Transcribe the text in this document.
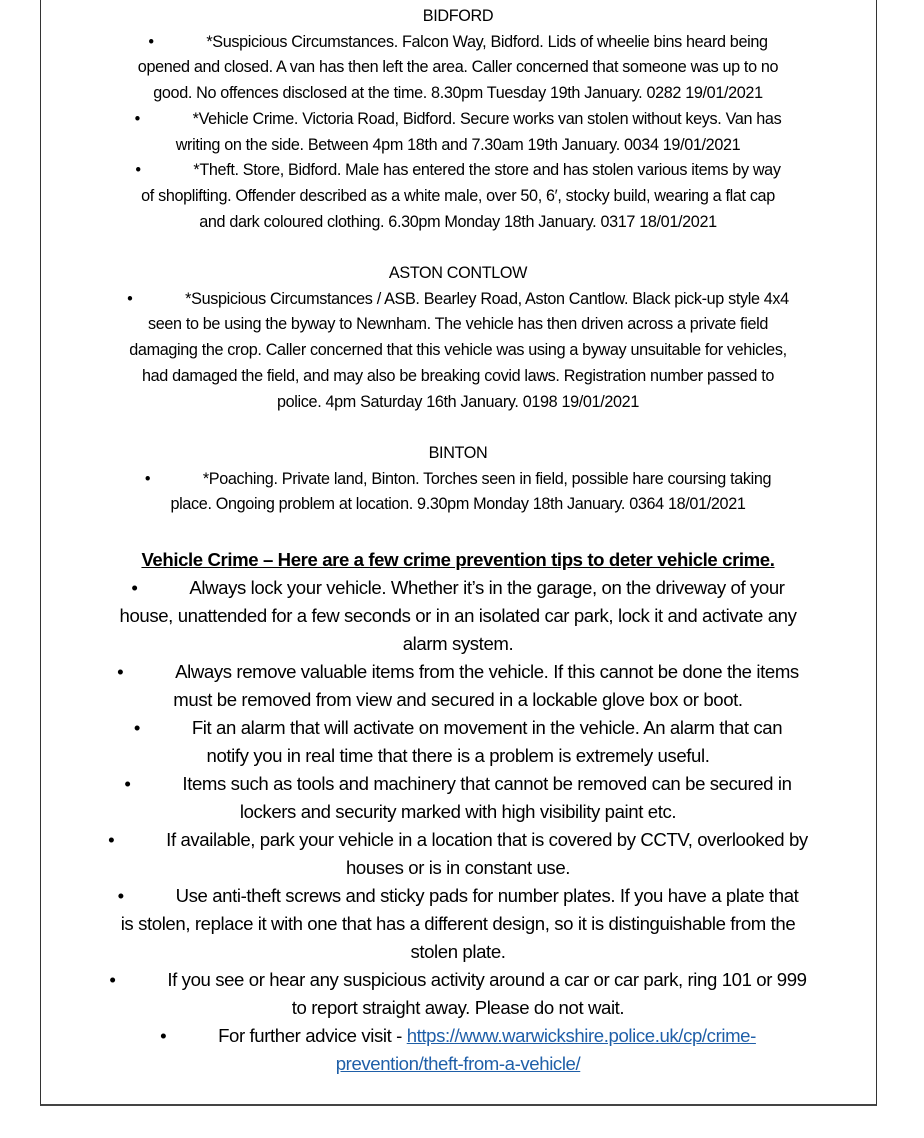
BIDFORD
•	*Suspicious Circumstances. Falcon Way, Bidford. Lids of wheelie bins heard being
opened and closed. A van has then left the area. Caller concerned that someone was up to no
good. No offences disclosed at the time. 8.30pm Tuesday 19th January. 0282 19/01/2021
•	*Vehicle Crime. Victoria Road, Bidford. Secure works van stolen without keys. Van has
writing on the side. Between 4pm 18th and 7.30am 19th January. 0034 19/01/2021
•	*Theft. Store, Bidford. Male has entered the store and has stolen various items by way
of shoplifting. Offender described as a white male, over 50, 6′, stocky build, wearing a flat cap
and dark coloured clothing. 6.30pm Monday 18th January. 0317 18/01/2021
ASTON CONTLOW
•	*Suspicious Circumstances / ASB. Bearley Road, Aston Cantlow. Black pick-up style 4x4
seen to be using the byway to Newnham. The vehicle has then driven across a private field
damaging the crop. Caller concerned that this vehicle was using a byway unsuitable for vehicles,
had damaged the field, and may also be breaking covid laws. Registration number passed to
police. 4pm Saturday 16th January. 0198 19/01/2021
BINTON
•	*Poaching. Private land, Binton. Torches seen in field, possible hare coursing taking
place. Ongoing problem at location. 9.30pm Monday 18th January. 0364 18/01/2021
Vehicle Crime – Here are a few crime prevention tips to deter vehicle crime.
•	Always lock your vehicle. Whether it’s in the garage, on the driveway of your
house, unattended for a few seconds or in an isolated car park, lock it and activate any
alarm system.
•	Always remove valuable items from the vehicle. If this cannot be done the items
must be removed from view and secured in a lockable glove box or boot.
•	Fit an alarm that will activate on movement in the vehicle. An alarm that can
notify you in real time that there is a problem is extremely useful.
•	Items such as tools and machinery that cannot be removed can be secured in
lockers and security marked with high visibility paint etc.
•	If available, park your vehicle in a location that is covered by CCTV, overlooked by
houses or is in constant use.
•	Use anti-theft screws and sticky pads for number plates. If you have a plate that
is stolen, replace it with one that has a different design, so it is distinguishable from the
stolen plate.
•	If you see or hear any suspicious activity around a car or car park, ring 101 or 999
to report straight away. Please do not wait.
•	For further advice visit - https://www.warwickshire.police.uk/cp/crime-
prevention/theft-from-a-vehicle/
